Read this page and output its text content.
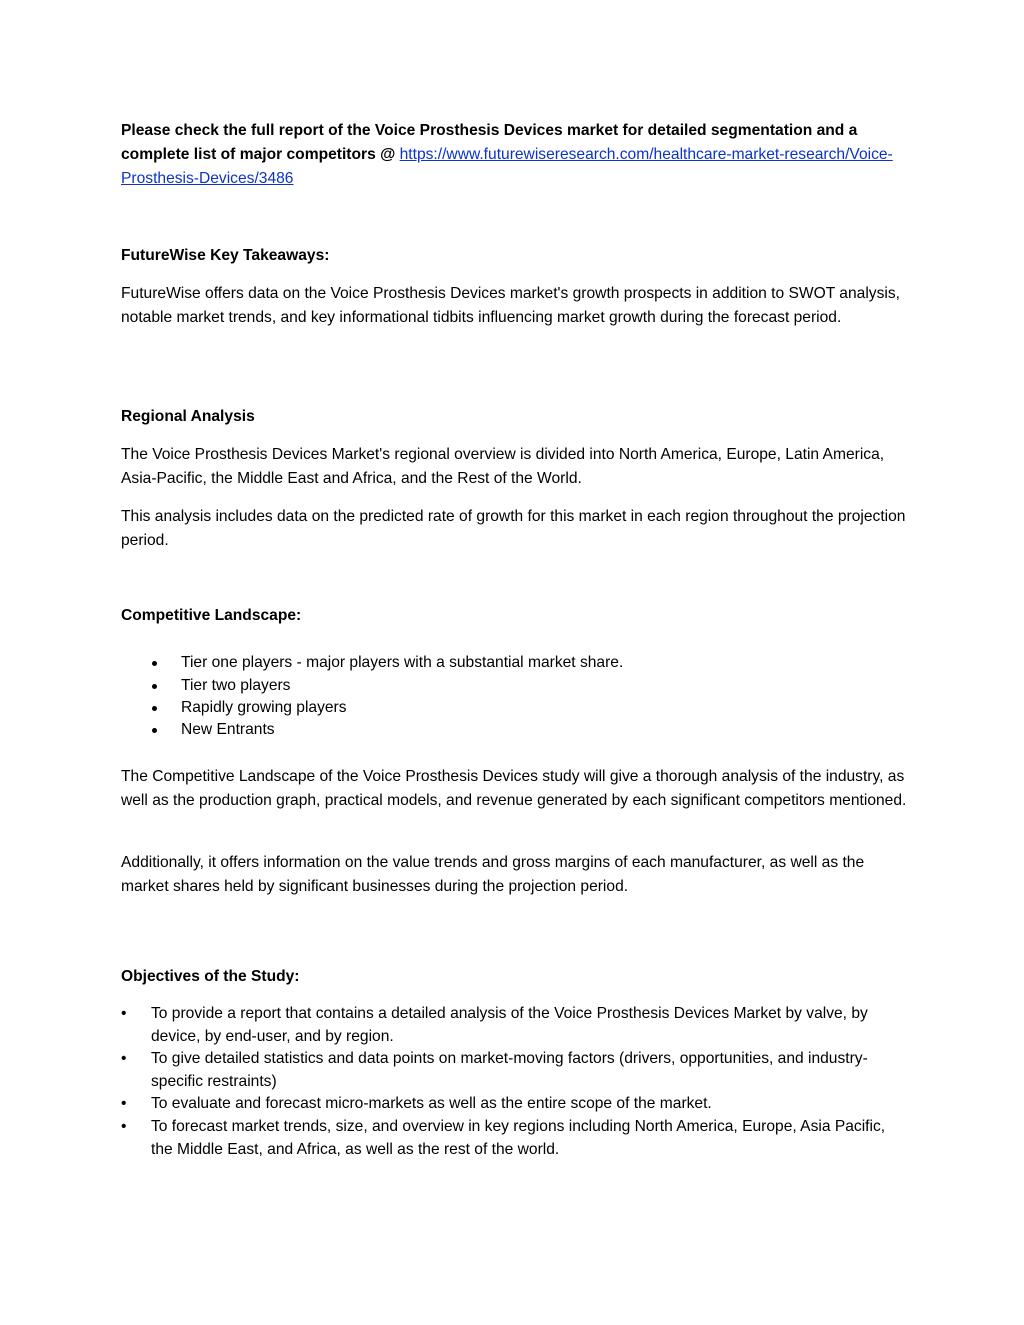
Please check the full report of the Voice Prosthesis Devices market for detailed segmentation and a complete list of major competitors @ https://www.futurewiseresearch.com/healthcare-market-research/Voice-Prosthesis-Devices/3486

FutureWise Key Takeaways:

FutureWise offers data on the Voice Prosthesis Devices market's growth prospects in addition to SWOT analysis, notable market trends, and key informational tidbits influencing market growth during the forecast period.

Regional Analysis

The Voice Prosthesis Devices Market's regional overview is divided into North America, Europe, Latin America, Asia-Pacific, the Middle East and Africa, and the Rest of the World.

This analysis includes data on the predicted rate of growth for this market in each region throughout the projection period.

Competitive Landscape:

Tier one players - major players with a substantial market share.
Tier two players
Rapidly growing players
New Entrants

The Competitive Landscape of the Voice Prosthesis Devices study will give a thorough analysis of the industry, as well as the production graph, practical models, and revenue generated by each significant competitors mentioned.

Additionally, it offers information on the value trends and gross margins of each manufacturer, as well as the market shares held by significant businesses during the projection period.

Objectives of the Study:

• To provide a report that contains a detailed analysis of the Voice Prosthesis Devices Market by valve, by device, by end-user, and by region.
• To give detailed statistics and data points on market-moving factors (drivers, opportunities, and industry-specific restraints)
• To evaluate and forecast micro-markets as well as the entire scope of the market.
• To forecast market trends, size, and overview in key regions including North America, Europe, Asia Pacific, the Middle East, and Africa, as well as the rest of the world.
